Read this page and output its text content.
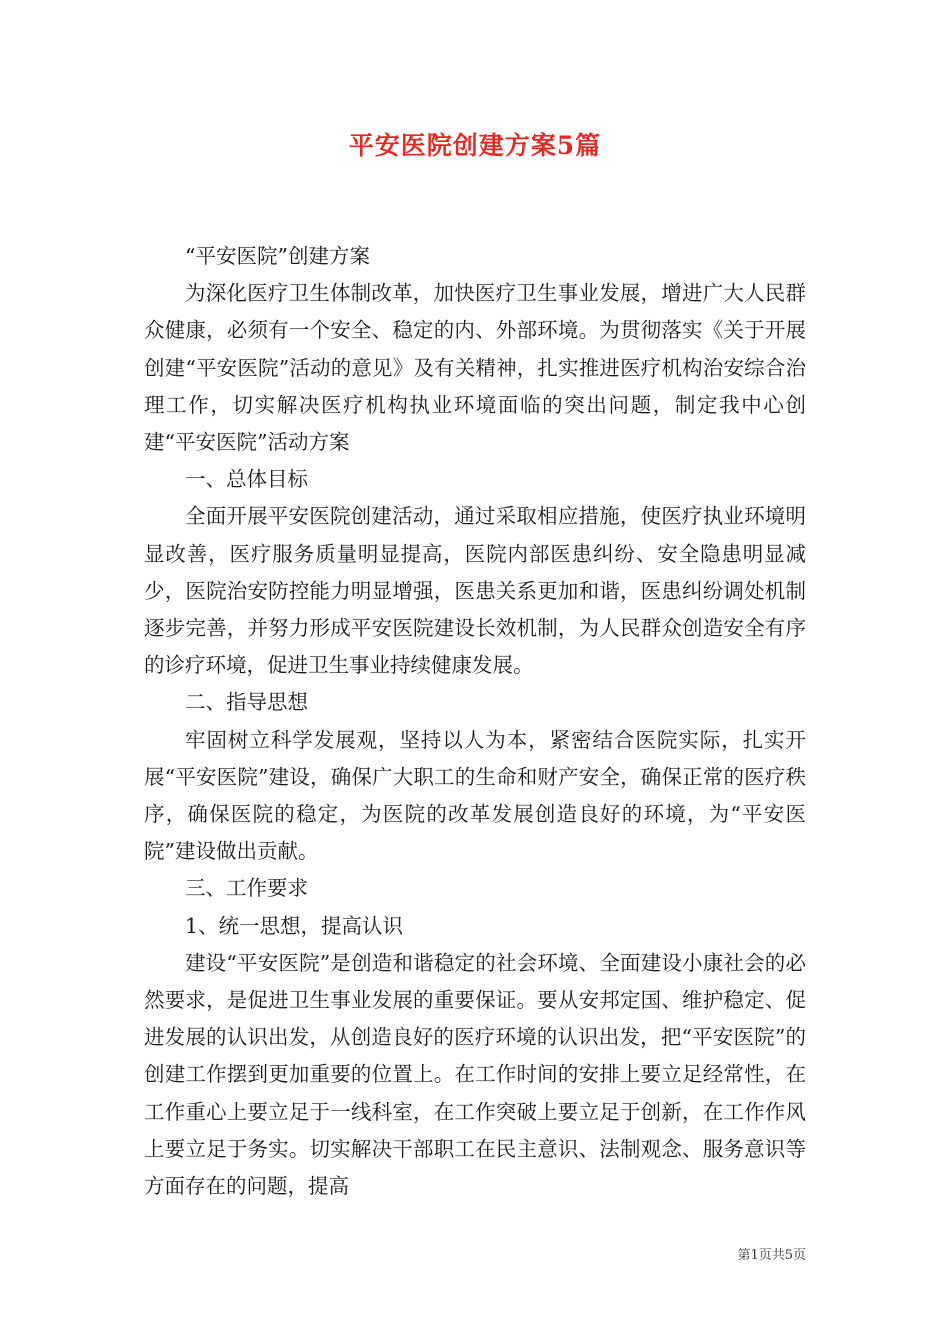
平安医院创建方案5篇

“平安医院”创建方案

为深化医疗卫生体制改革，加快医疗卫生事业发展，增进广大人民群众健康，必须有一个安全、稳定的内、外部环境。为贯彻落实《关于开展创建“平安医院”活动的意见》及有关精神，扎实推进医疗机构治安综合治理工作，切实解决医疗机构执业环境面临的突出问题，制定我中心创建“平安医院”活动方案

一、总体目标

全面开展平安医院创建活动，通过采取相应措施，使医疗执业环境明显改善，医疗服务质量明显提高，医院内部医患纠纷、安全隐患明显减少，医院治安防控能力明显增强，医患关系更加和谐，医患纠纷调处机制逐步完善，并努力形成平安医院建设长效机制，为人民群众创造安全有序的诊疗环境，促进卫生事业持续健康发展。

二、指导思想

牢固树立科学发展观，坚持以人为本，紧密结合医院实际，扎实开展“平安医院”建设，确保广大职工的生命和财产安全，确保正常的医疗秩序，确保医院的稳定，为医院的改革发展创造良好的环境，为“平安医院”建设做出贡献。

三、工作要求

1、统一思想，提高认识

建设“平安医院”是创造和谐稳定的社会环境、全面建设小康社会的必然要求，是促进卫生事业发展的重要保证。要从安邦定国、维护稳定、促进发展的认识出发，从创造良好的医疗环境的认识出发，把“平安医院”的创建工作摆到更加重要的位置上。在工作时间的安排上要立足经常性，在工作重心上要立足于一线科室，在工作突破上要立足于创新，在工作作风上要立足于务实。切实解决干部职工在民主意识、法制观念、服务意识等方面存在的问题，提高

第1页共5页
